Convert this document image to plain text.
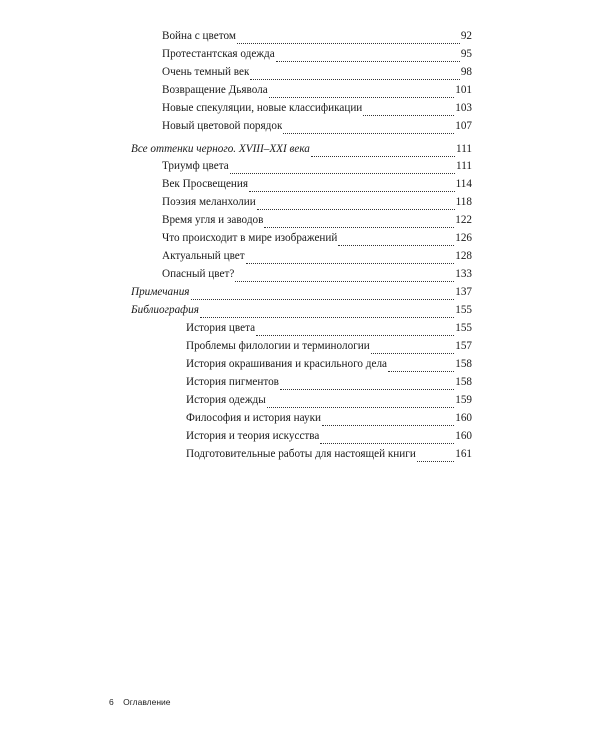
Война с цветом	92
Протестантская одежда	95
Очень темный век	98
Возвращение Дьявола	101
Новые спекуляции, новые классификации	103
Новый цветовой порядок	107
Все оттенки черного. XVIII–XXI века	111
Триумф цвета	111
Век Просвещения	114
Поэзия меланхолии	118
Время угля и заводов	122
Что происходит в мире изображений	126
Актуальный цвет	128
Опасный цвет?	133
Примечания	137
Библиография	155
История цвета	155
Проблемы филологии и терминологии	157
История окрашивания и красильного дела	158
История пигментов	158
История одежды	159
Философия и история науки	160
История и теория искусства	160
Подготовительные работы для настоящей книги	161
6 Оглавление
